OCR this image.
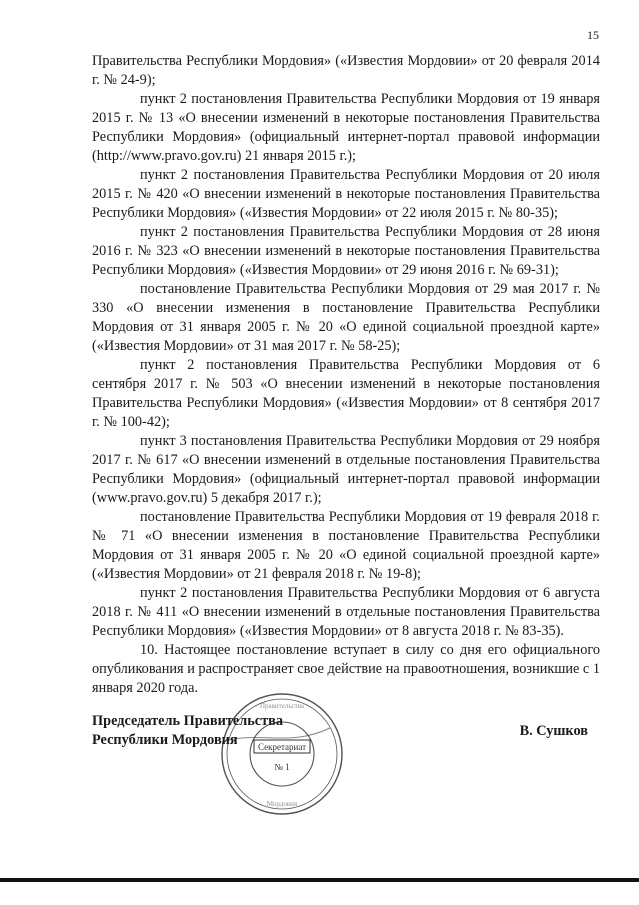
15

Правительства Республики Мордовия» («Известия Мордовии» от 20 февраля 2014 г. № 24-9);

пункт 2 постановления Правительства Республики Мордовия от 19 января 2015 г. № 13 «О внесении изменений в некоторые постановления Правительства Республики Мордовия» (официальный интернет-портал правовой информации (http://www.pravo.gov.ru) 21 января 2015 г.);

пункт 2 постановления Правительства Республики Мордовия от 20 июля 2015 г. № 420 «О внесении изменений в некоторые постановления Правительства Республики Мордовия» («Известия Мордовии» от 22 июля 2015 г. № 80-35);

пункт 2 постановления Правительства Республики Мордовия от 28 июня 2016 г. № 323 «О внесении изменений в некоторые постановления Правительства Республики Мордовия» («Известия Мордовии» от 29 июня 2016 г. № 69-31);

постановление Правительства Республики Мордовия от 29 мая 2017 г. № 330 «О внесении изменения в постановление Правительства Республики Мордовия от 31 января 2005 г. № 20 «О единой социальной проездной карте» («Известия Мордовии» от 31 мая 2017 г. № 58-25);

пункт 2 постановления Правительства Республики Мордовия от 6 сентября 2017 г. № 503 «О внесении изменений в некоторые постановления Правительства Республики Мордовия» («Известия Мордовии» от 8 сентября 2017 г. № 100-42);

пункт 3 постановления Правительства Республики Мордовия от 29 ноября 2017 г. № 617 «О внесении изменений в отдельные постановления Правительства Республики Мордовия» (официальный интернет-портал правовой информации (www.pravo.gov.ru) 5 декабря 2017 г.);

постановление Правительства Республики Мордовия от 19 февраля 2018 г. № 71 «О внесении изменения в постановление Правительства Республики Мордовия от 31 января 2005 г. № 20 «О единой социальной проездной карте» («Известия Мордовии» от 21 февраля 2018 г. № 19-8);

пункт 2 постановления Правительства Республики Мордовия от 6 августа 2018 г. № 411 «О внесении изменений в отдельные постановления Правительства Республики Мордовия» («Известия Мордовии» от 8 августа 2018 г. № 83-35).

10. Настоящее постановление вступает в силу со дня его официального опубликования и распространяет свое действие на правоотношения, возникшие с 1 января 2020 года.

Правительства
Мордовия
Секретариат
№ 1
Председатель Правительства
Республики Мордовия
В. Сушков
